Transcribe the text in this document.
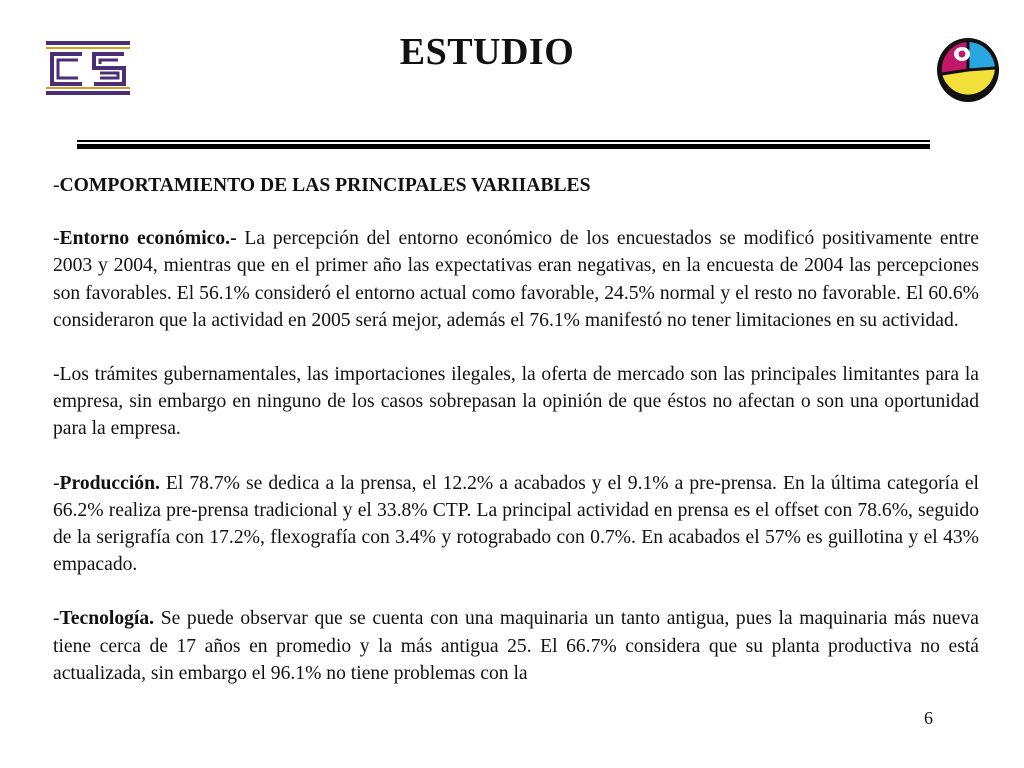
ESTUDIO

-COMPORTAMIENTO DE LAS PRINCIPALES VARIIABLES

-Entorno económico.- La percepción del entorno económico de los encuestados se modificó positivamente entre 2003 y 2004, mientras que en el primer año las expectativas eran negativas, en la encuesta de 2004 las percepciones son favorables. El 56.1% consideró el entorno actual como favorable, 24.5% normal y el resto no favorable. El 60.6% consideraron que la actividad en 2005 será mejor, además el 76.1% manifestó no tener limitaciones en su actividad.

-Los trámites gubernamentales, las importaciones ilegales, la oferta de mercado son las principales limitantes para la empresa, sin embargo en ninguno de los casos sobrepasan la opinión de que éstos no afectan o son una oportunidad para la empresa.

-Producción. El 78.7% se dedica a la prensa, el 12.2% a acabados y el 9.1% a pre-prensa. En la última categoría el 66.2% realiza pre-prensa tradicional y el 33.8% CTP. La principal actividad en prensa es el offset con 78.6%, seguido de la serigrafía con 17.2%, flexografía con 3.4% y rotograbado con 0.7%. En acabados el 57% es guillotina y el 43% empacado.

-Tecnología. Se puede observar que se cuenta con una maquinaria un tanto antigua, pues la maquinaria más nueva tiene cerca de 17 años en promedio y la más antigua 25. El 66.7% considera que su planta productiva no está actualizada, sin embargo el 96.1% no tiene problemas con la

6
